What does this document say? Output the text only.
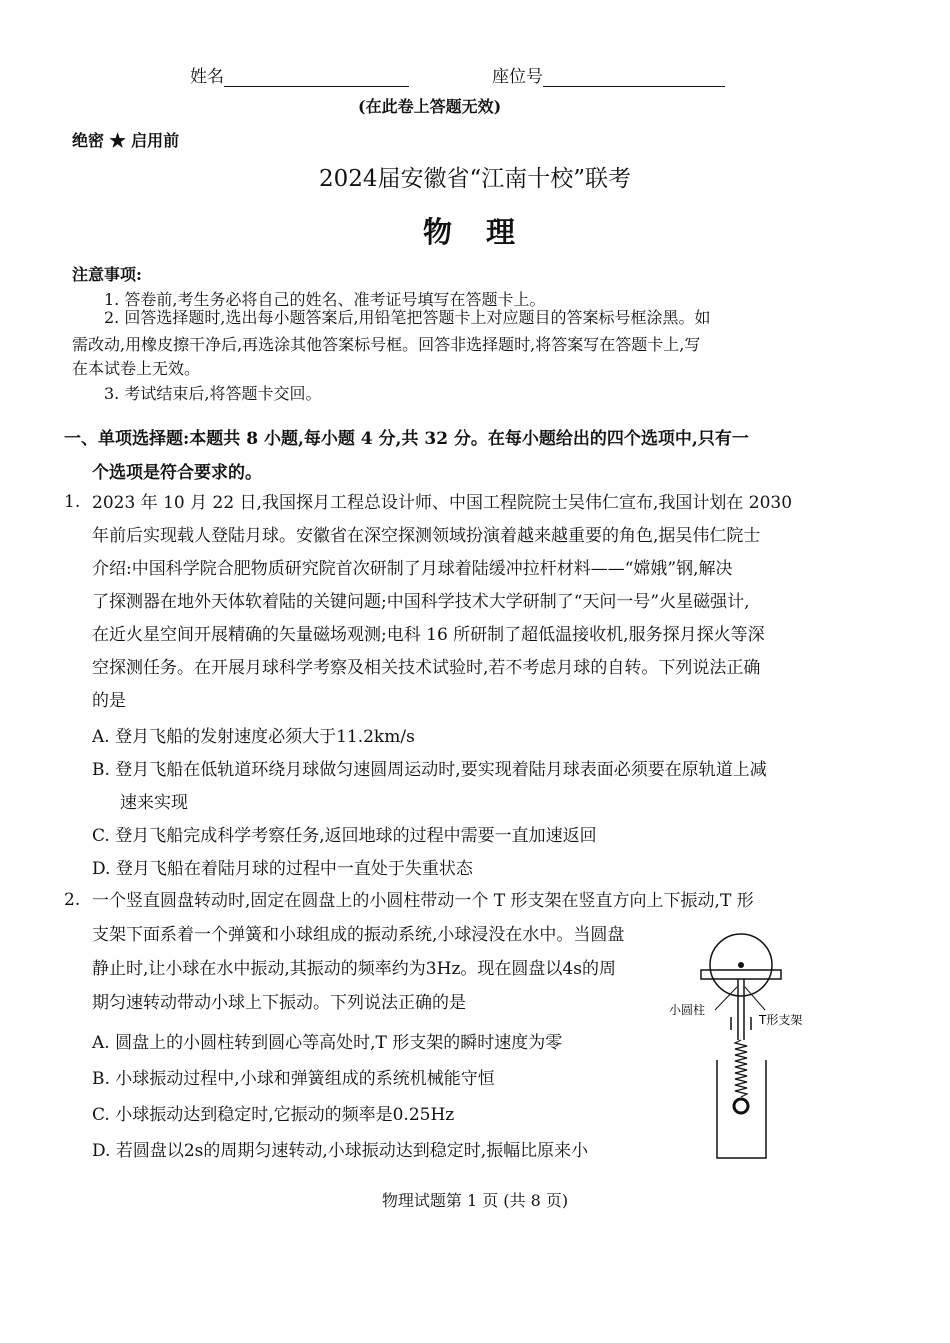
姓名	座位号
(在此卷上答题无效)
绝密 ★ 启用前
2024届安徽省“江南十校”联考
物 理
注意事项:
1. 答卷前,考生务必将自己的姓名、准考证号填写在答题卡上。
2. 回答选择题时,选出每小题答案后,用铅笔把答题卡上对应题目的答案标号框涂黑。如
需改动,用橡皮擦干净后,再选涂其他答案标号框。回答非选择题时,将答案写在答题卡上,写
在本试卷上无效。
3. 考试结束后,将答题卡交回。
一、单项选择题:本题共 8 小题,每小题 4 分,共 32 分。在每小题给出的四个选项中,只有一
个选项是符合要求的。
1. 2023 年 10 月 22 日,我国探月工程总设计师、中国工程院院士吴伟仁宣布,我国计划在 2030
年前后实现载人登陆月球。安徽省在深空探测领域扮演着越来越重要的角色,据吴伟仁院士
介绍:中国科学院合肥物质研究院首次研制了月球着陆缓冲拉杆材料——“嫦娥”钢,解决
了探测器在地外天体软着陆的关键问题;中国科学技术大学研制了“天问一号”火星磁强计,
在近火星空间开展精确的矢量磁场观测;电科 16 所研制了超低温接收机,服务探月探火等深
空探测任务。在开展月球科学考察及相关技术试验时,若不考虑月球的自转。下列说法正确
的是
A. 登月飞船的发射速度必须大于11.2km/s
B. 登月飞船在低轨道环绕月球做匀速圆周运动时,要实现着陆月球表面必须要在原轨道上减
速来实现
C. 登月飞船完成科学考察任务,返回地球的过程中需要一直加速返回
D. 登月飞船在着陆月球的过程中一直处于失重状态
2. 一个竖直圆盘转动时,固定在圆盘上的小圆柱带动一个 T 形支架在竖直方向上下振动,T 形
支架下面系着一个弹簧和小球组成的振动系统,小球浸没在水中。当圆盘
静止时,让小球在水中振动,其振动的频率约为3Hz。现在圆盘以4s的周
期匀速转动带动小球上下振动。下列说法正确的是
A. 圆盘上的小圆柱转到圆心等高处时,T 形支架的瞬时速度为零
B. 小球振动过程中,小球和弹簧组成的系统机械能守恒
C. 小球振动达到稳定时,它振动的频率是0.25Hz
D. 若圆盘以2s的周期匀速转动,小球振动达到稳定时,振幅比原来小
小圆柱
T形支架
物理试题第 1 页 (共 8 页)
